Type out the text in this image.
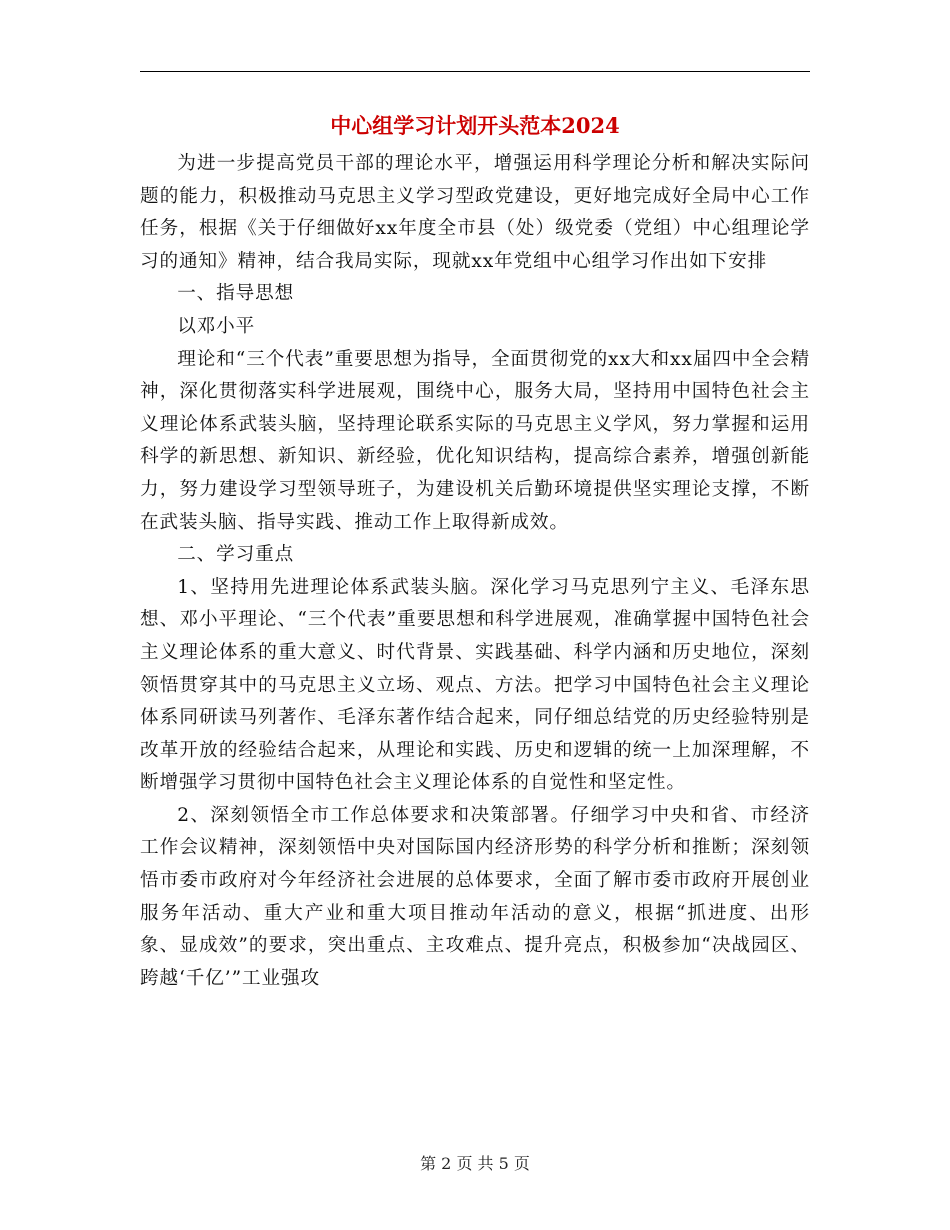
中心组学习计划开头范本2024

为进一步提高党员干部的理论水平，增强运用科学理论分析和解决实际问题的能力，积极推动马克思主义学习型政党建设，更好地完成好全局中心工作任务，根据《关于仔细做好xx年度全市县（处）级党委（党组）中心组理论学习的通知》精神，结合我局实际，现就xx年党组中心组学习作出如下安排

一、指导思想

以邓小平

理论和“三个代表”重要思想为指导，全面贯彻党的xx大和xx届四中全会精神，深化贯彻落实科学进展观，围绕中心，服务大局，坚持用中国特色社会主义理论体系武装头脑，坚持理论联系实际的马克思主义学风，努力掌握和运用科学的新思想、新知识、新经验，优化知识结构，提高综合素养，增强创新能力，努力建设学习型领导班子，为建设机关后勤环境提供坚实理论支撑，不断在武装头脑、指导实践、推动工作上取得新成效。

二、学习重点

1、坚持用先进理论体系武装头脑。深化学习马克思列宁主义、毛泽东思想、邓小平理论、“三个代表”重要思想和科学进展观，准确掌握中国特色社会主义理论体系的重大意义、时代背景、实践基础、科学内涵和历史地位，深刻领悟贯穿其中的马克思主义立场、观点、方法。把学习中国特色社会主义理论体系同研读马列著作、毛泽东著作结合起来，同仔细总结党的历史经验特别是改革开放的经验结合起来，从理论和实践、历史和逻辑的统一上加深理解，不断增强学习贯彻中国特色社会主义理论体系的自觉性和坚定性。

2、深刻领悟全市工作总体要求和决策部署。仔细学习中央和省、市经济工作会议精神，深刻领悟中央对国际国内经济形势的科学分析和推断；深刻领悟市委市政府对今年经济社会进展的总体要求，全面了解市委市政府开展创业服务年活动、重大产业和重大项目推动年活动的意义，根据“抓进度、出形象、显成效”的要求，突出重点、主攻难点、提升亮点，积极参加“决战园区、跨越‘千亿’”工业强攻

第 2 页 共 5 页
